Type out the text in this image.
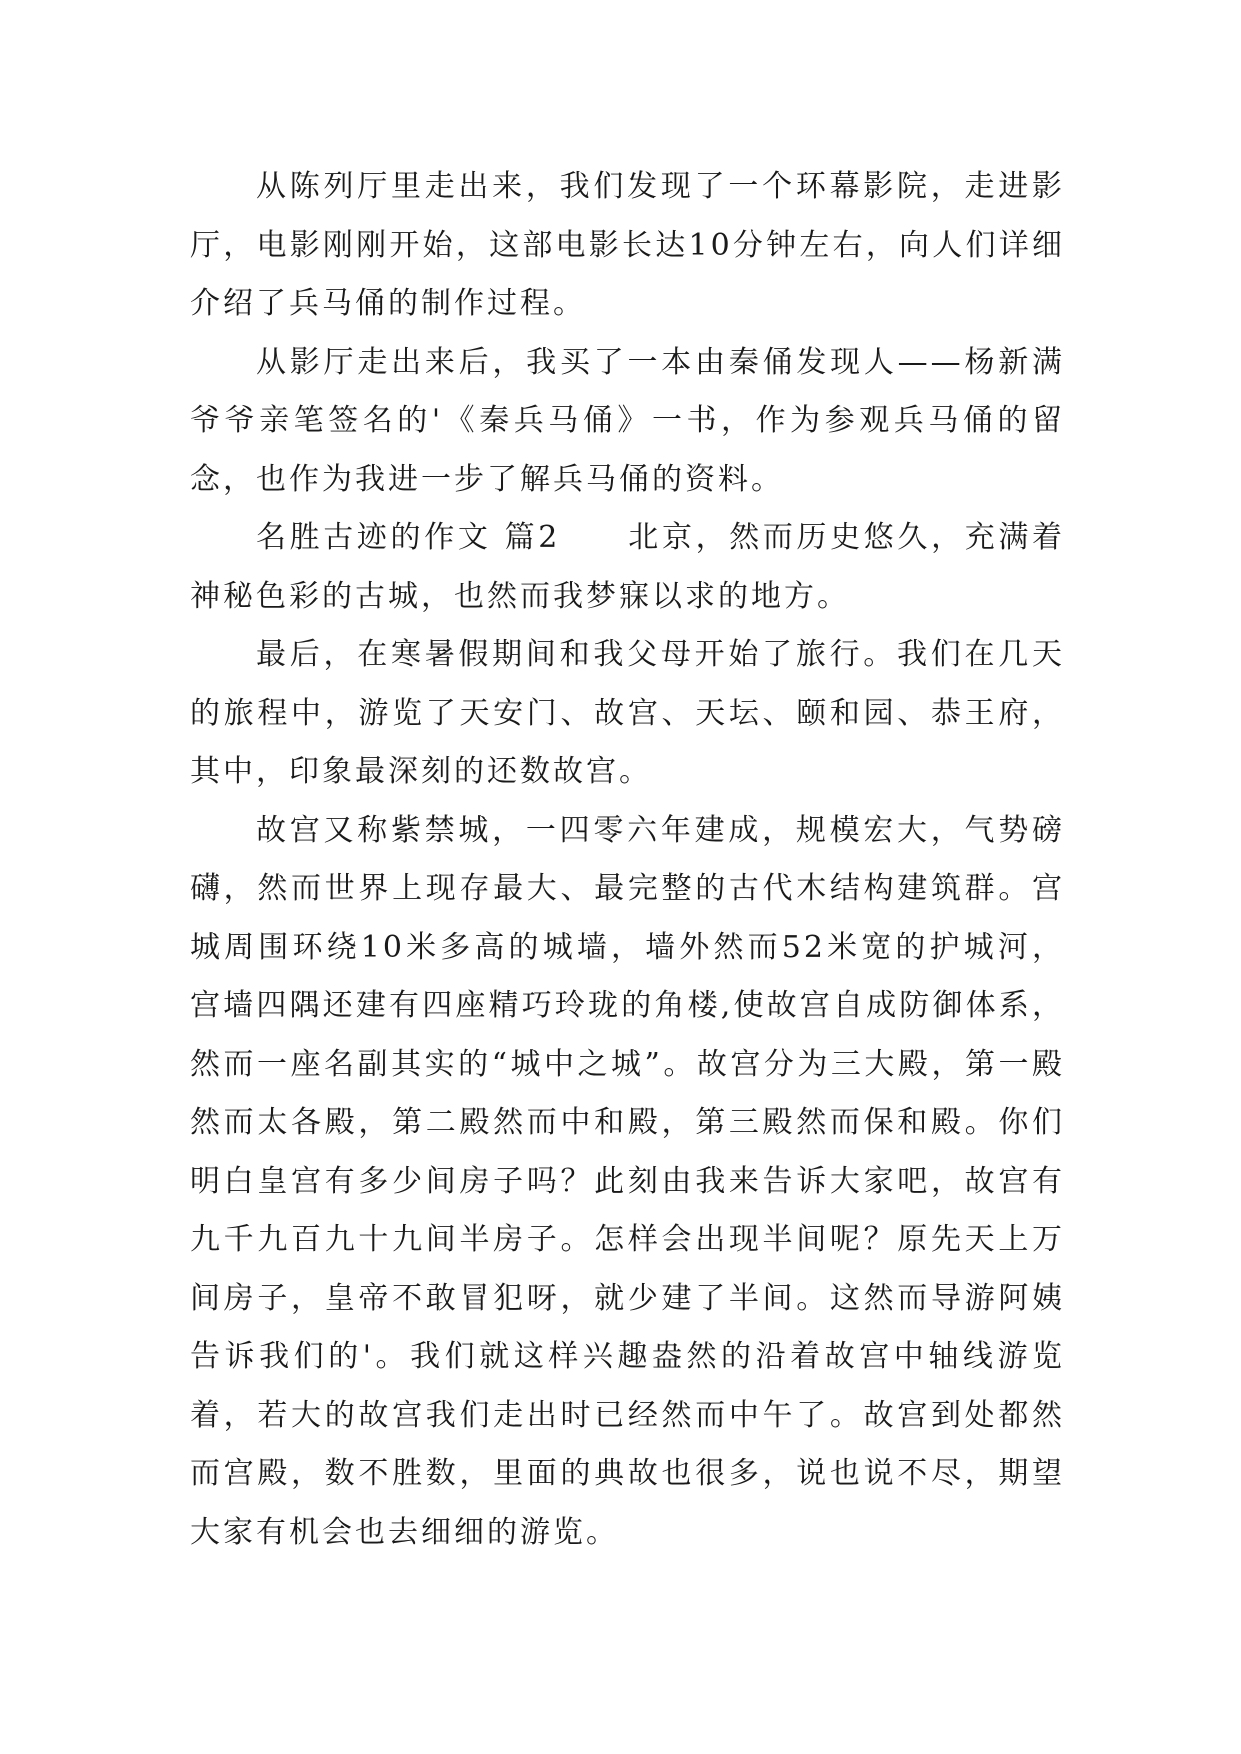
从陈列厅里走出来，我们发现了一个环幕影院，走进影厅，电影刚刚开始，这部电影长达10分钟左右，向人们详细介绍了兵马俑的制作过程。

从影厅走出来后，我买了一本由秦俑发现人——杨新满爷爷亲笔签名的'《秦兵马俑》一书，作为参观兵马俑的留念，也作为我进一步了解兵马俑的资料。

名胜古迹的作文 篇2　　北京，然而历史悠久，充满着神秘色彩的古城，也然而我梦寐以求的地方。

最后，在寒暑假期间和我父母开始了旅行。我们在几天的旅程中，游览了天安门、故宫、天坛、颐和园、恭王府，其中，印象最深刻的还数故宫。

故宫又称紫禁城，一四零六年建成，规模宏大，气势磅礴，然而世界上现存最大、最完整的古代木结构建筑群。宫城周围环绕10米多高的城墙，墙外然而52米宽的护城河，宫墙四隅还建有四座精巧玲珑的角楼,使故宫自成防御体系，然而一座名副其实的“城中之城”。故宫分为三大殿，第一殿然而太各殿，第二殿然而中和殿，第三殿然而保和殿。你们明白皇宫有多少间房子吗？此刻由我来告诉大家吧，故宫有九千九百九十九间半房子。怎样会出现半间呢？原先天上万间房子，皇帝不敢冒犯呀，就少建了半间。这然而导游阿姨告诉我们的'。我们就这样兴趣盎然的沿着故宫中轴线游览着，若大的故宫我们走出时已经然而中午了。故宫到处都然而宫殿，数不胜数，里面的典故也很多，说也说不尽，期望大家有机会也去细细的游览。
